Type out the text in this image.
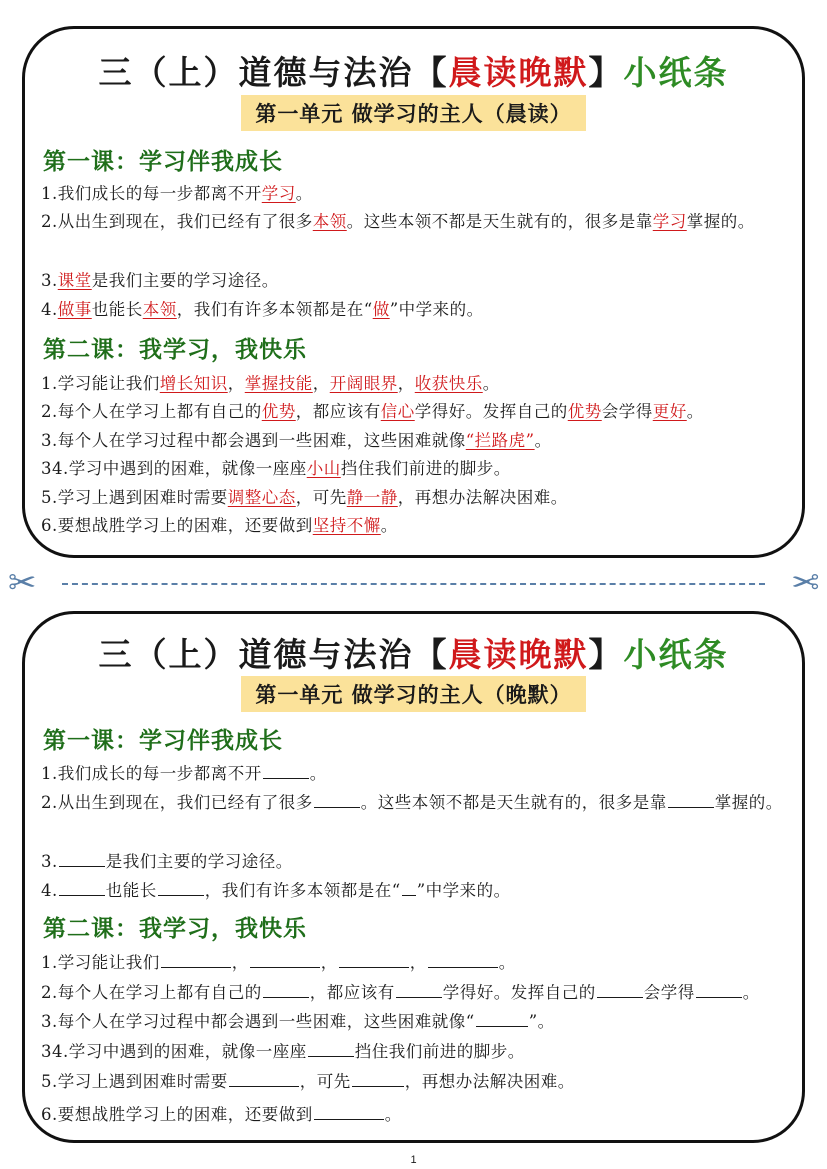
三（上）道德与法治【晨读晚默】小纸条
第一单元 做学习的主人（晨读）
第一课：学习伴我成长
1.我们成长的每一步都离不开学习。
2.从出生到现在，我们已经有了很多本领。这些本领不都是天生就有的，很多是靠学习掌握的。
3.课堂是我们主要的学习途径。
4.做事也能长本领，我们有许多本领都是在“做”中学来的。
第二课：我学习，我快乐
1.学习能让我们增长知识，掌握技能，开阔眼界，收获快乐。
2.每个人在学习上都有自己的优势，都应该有信心学得好。发挥自己的优势会学得更好。
3.每个人在学习过程中都会遇到一些困难，这些困难就像“拦路虎”。
34.学习中遇到的困难，就像一座座小山挡住我们前进的脚步。
5.学习上遇到困难时需要调整心态，可先静一静，再想办法解决困难。
6.要想战胜学习上的困难，还要做到坚持不懈。
✂	✂
三（上）道德与法治【晨读晚默】小纸条
第一单元 做学习的主人（晚默）
第一课：学习伴我成长
1.我们成长的每一步都离不开	。
2.从出生到现在，我们已经有了很多	。这些本领不都是天生就有的，很多是靠	掌握的。
3.	是我们主要的学习途径。
4.	也能长	，我们有许多本领都是在“ ”中学来的。
第二课：我学习，我快乐
1.学习能让我们	，	，	，	。
2.每个人在学习上都有自己的	，都应该有	学得好。发挥自己的	会学得	。
3.每个人在学习过程中都会遇到一些困难，这些困难就像“	”。
34.学习中遇到的困难，就像一座座	挡住我们前进的脚步。
5.学习上遇到困难时需要	，可先	，再想办法解决困难。
6.要想战胜学习上的困难，还要做到	。
1
